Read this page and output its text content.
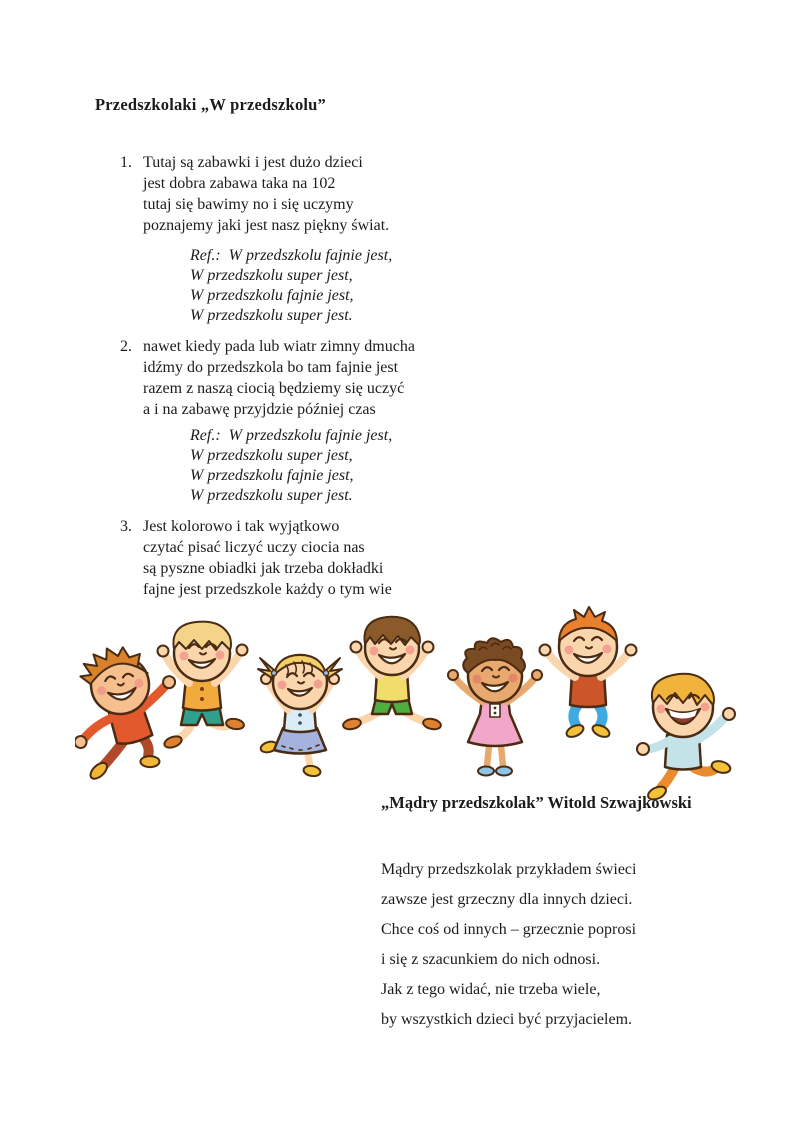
Przedszkolaki „W przedszkolu”
1. Tutaj są zabawki i jest dużo dzieci
jest dobra zabawa taka na 102
tutaj się bawimy no i się uczymy
poznajemy jaki jest nasz piękny świat.
Ref.:  W przedszkolu fajnie jest,
W przedszkolu super jest,
W przedszkolu fajnie jest,
W przedszkolu super jest.
2. nawet kiedy pada lub wiatr zimny dmucha
idźmy do przedszkola bo tam fajnie jest
razem z naszą ciocią będziemy się uczyć
a i na zabawę przyjdzie później czas
Ref.:  W przedszkolu fajnie jest,
W przedszkolu super jest,
W przedszkolu fajnie jest,
W przedszkolu super jest.
3. Jest kolorowo i tak wyjątkowo
czytać pisać liczyć uczy ciocia nas
są pyszne obiadki jak trzeba dokładki
fajne jest przedszkole każdy o tym wie
„Mądry przedszkolak” Witold Szwajkowski
Mądry przedszkolak przykładem świeci
zawsze jest grzeczny dla innych dzieci.
Chce coś od innych – grzecznie poprosi
i się z szacunkiem do nich odnosi.
Jak z tego widać, nie trzeba wiele,
by wszystkich dzieci być przyjacielem.
